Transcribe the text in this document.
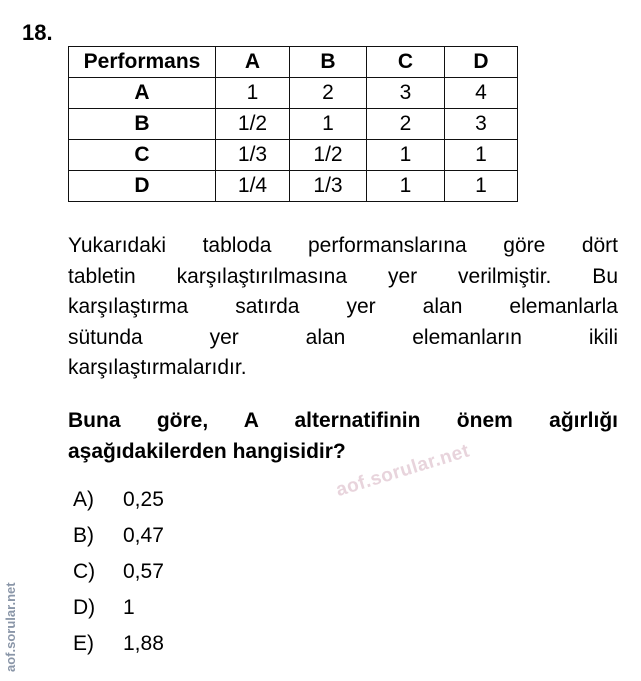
18.
Performans	A	B	C	D
A	1	2	3	4
B	1/2	1	2	3
C	1/3	1/2	1	1
D	1/4	1/3	1	1
Yukarıdaki tabloda performanslarına göre dört
tabletin karşılaştırılmasına yer verilmiştir. Bu
karşılaştırma satırda yer alan elemanlarla
sütunda yer alan elemanların ikili
karşılaştırmalarıdır.
Buna göre, A alternatifinin önem ağırlığı
aşağıdakilerden hangisidir?
aof.sorular.net
A)	0,25
B)	0,47
C)	0,57
D)	1
E)	1,88
aof.sorular.net
